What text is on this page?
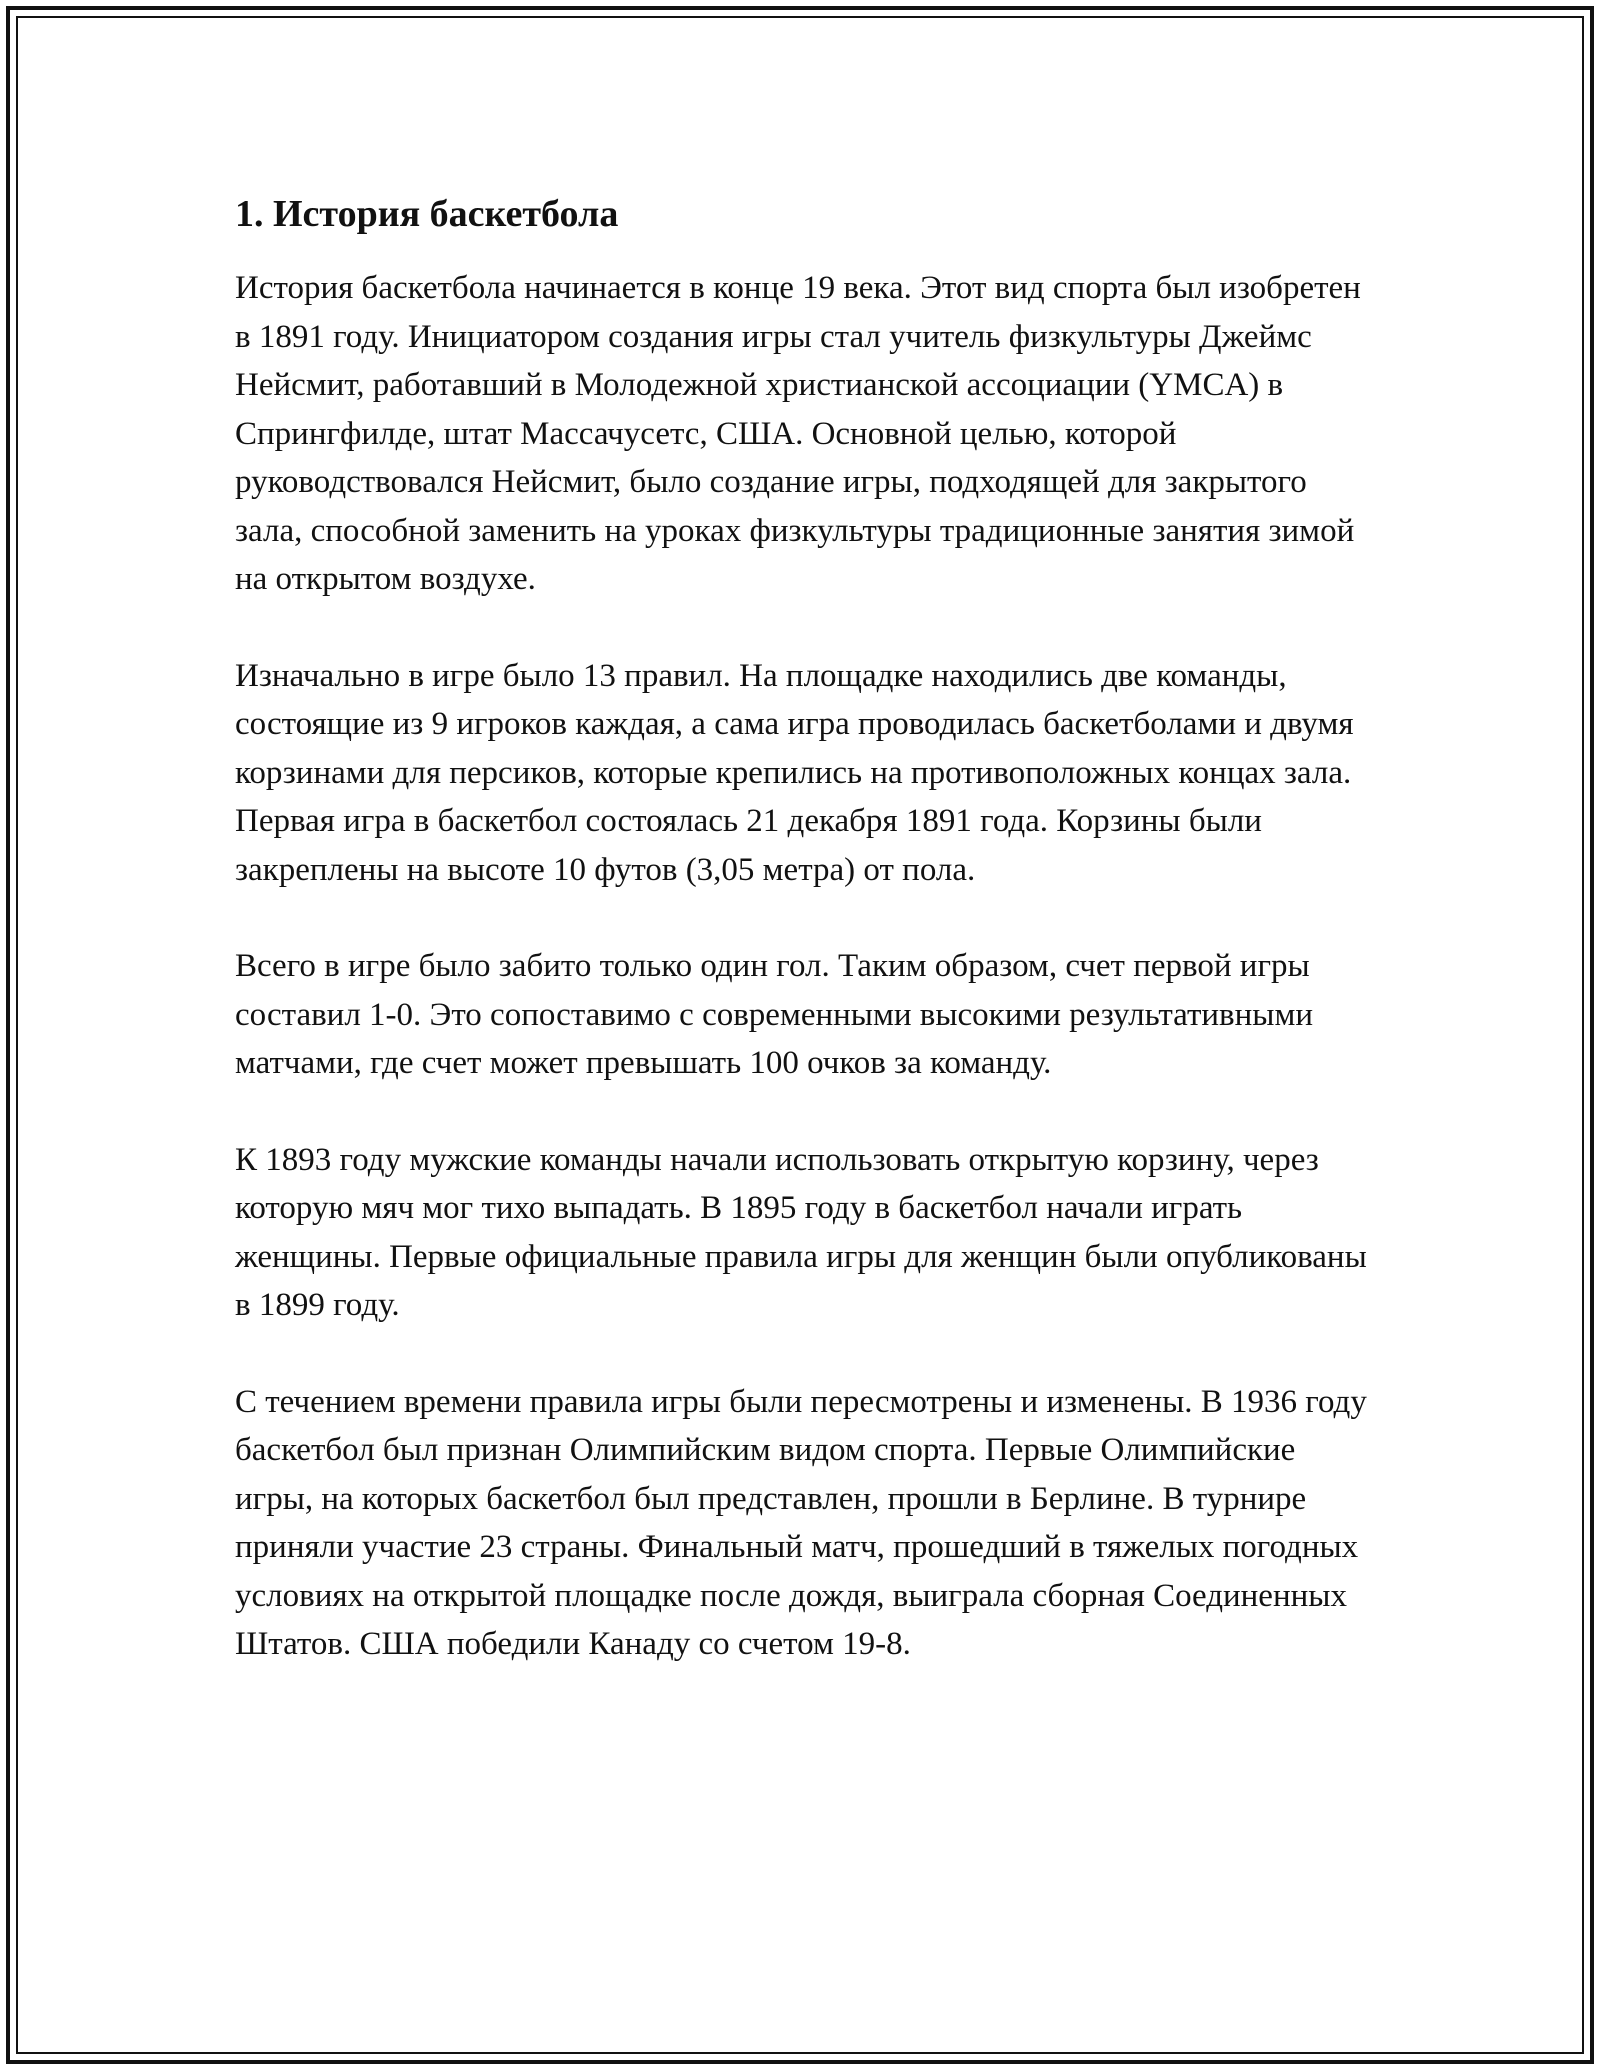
1. История баскетбола

История баскетбола начинается в конце 19 века. Этот вид спорта был изобретен в 1891 году. Инициатором создания игры стал учитель физкультуры Джеймс Нейсмит, работавший в Молодежной христианской ассоциации (YMCA) в Спрингфилде, штат Массачусетс, США. Основной целью, которой руководствовался Нейсмит, было создание игры, подходящей для закрытого зала, способной заменить на уроках физкультуры традиционные занятия зимой на открытом воздухе.

Изначально в игре было 13 правил. На площадке находились две команды, состоящие из 9 игроков каждая, а сама игра проводилась баскетболами и двумя корзинами для персиков, которые крепились на противоположных концах зала. Первая игра в баскетбол состоялась 21 декабря 1891 года. Корзины были закреплены на высоте 10 футов (3,05 метра) от пола.

Всего в игре было забито только один гол. Таким образом, счет первой игры составил 1-0. Это сопоставимо с современными высокими результативными матчами, где счет может превышать 100 очков за команду.

К 1893 году мужские команды начали использовать открытую корзину, через которую мяч мог тихо выпадать. В 1895 году в баскетбол начали играть женщины. Первые официальные правила игры для женщин были опубликованы в 1899 году.

С течением времени правила игры были пересмотрены и изменены. В 1936 году баскетбол был признан Олимпийским видом спорта. Первые Олимпийские игры, на которых баскетбол был представлен, прошли в Берлине. В турнире приняли участие 23 страны. Финальный матч, прошедший в тяжелых погодных условиях на открытой площадке после дождя, выиграла сборная Соединенных Штатов. США победили Канаду со счетом 19-8.
